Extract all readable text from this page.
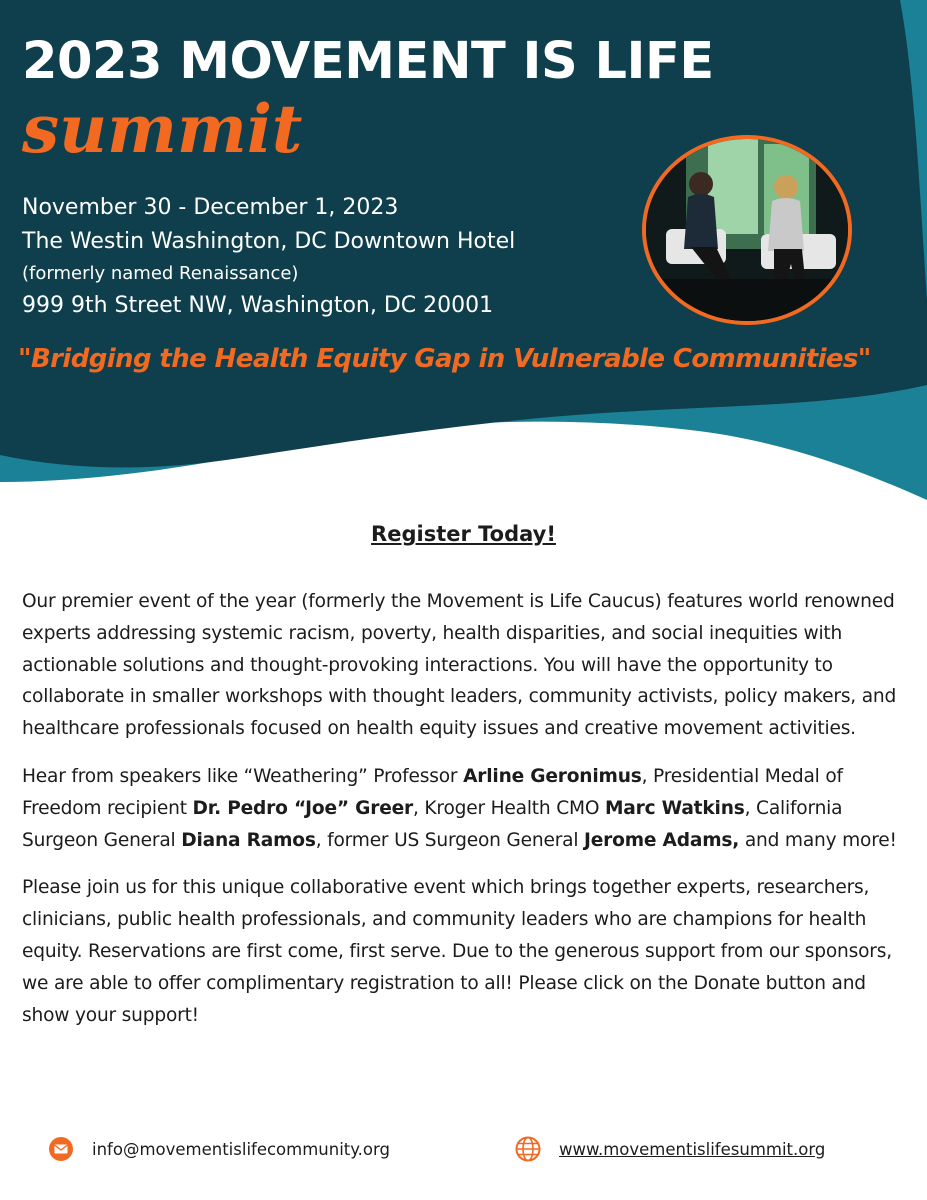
2023 MOVEMENT IS LIFE
summit
November 30 - December 1, 2023
The Westin Washington, DC Downtown Hotel
(formerly named Renaissance)
999 9th Street NW, Washington, DC 20001
"Bridging the Health Equity Gap in Vulnerable Communities"
Register Today!

Our premier event of the year (formerly the Movement is Life Caucus) features world renowned experts addressing systemic racism, poverty, health disparities, and social inequities with actionable solutions and thought-provoking interactions. You will have the opportunity to collaborate in smaller workshops with thought leaders, community activists, policy makers, and healthcare professionals focused on health equity issues and creative movement activities.

Hear from speakers like “Weathering” Professor Arline Geronimus, Presidential Medal of Freedom recipient Dr. Pedro “Joe” Greer, Kroger Health CMO Marc Watkins, California Surgeon General Diana Ramos, former US Surgeon General Jerome Adams, and many more!

Please join us for this unique collaborative event which brings together experts, researchers, clinicians, public health professionals, and community leaders who are champions for health equity. Reservations are first come, first serve. Due to the generous support from our sponsors, we are able to offer complimentary registration to all! Please click on the Donate button and show your support!

info@movementislifecommunity.org	www.movementislifesummit.org
